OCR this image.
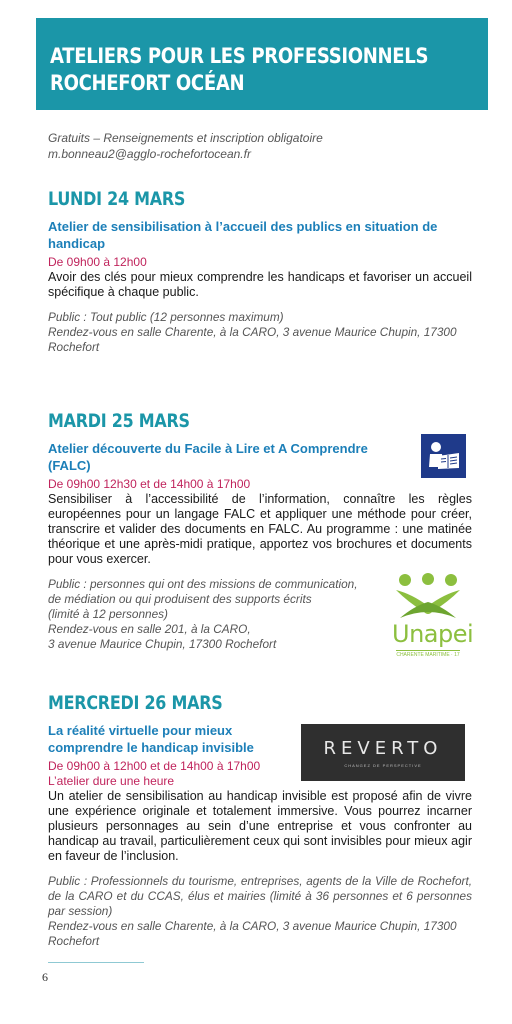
ATELIERS POUR LES PROFESSIONNELS
ROCHEFORT OCÉAN
Gratuits – Renseignements et inscription obligatoire
m.bonneau2@agglo-rochefortocean.fr
LUNDI 24 MARS
Atelier de sensibilisation à l’accueil des publics en situation de handicap
De 09h00 à 12h00
Avoir des clés pour mieux comprendre les handicaps et favoriser un accueil spécifique à chaque public.
Public : Tout public (12 personnes maximum)
Rendez-vous en salle Charente, à la CARO, 3 avenue Maurice Chupin, 17300 Rochefort
MARDI 25 MARS
Atelier découverte du Facile à Lire et A Comprendre (FALC)
De 09h00 12h30 et de 14h00 à 17h00
Sensibiliser à l’accessibilité de l’information, connaître les règles européennes pour un langage FALC et appliquer une méthode pour créer, transcrire et valider des documents en FALC. Au programme : une matinée théorique et une après-midi pratique, apportez vos brochures et documents pour vous exercer.
Public : personnes qui ont des missions de communication,
de médiation ou qui produisent des supports écrits
(limité à 12 personnes)
Rendez-vous en salle 201, à la CARO,
3 avenue Maurice Chupin, 17300 Rochefort	Unapei
CHARENTE MARITIME · 17
MERCREDI 26 MARS
La réalité virtuelle pour mieux comprendre le handicap invisible
De 09h00 à 12h00 et de 14h00 à 17h00
L’atelier dure une heure
Un atelier de sensibilisation au handicap invisible est proposé afin de vivre une expérience originale et totalement immersive. Vous pourrez incarner plusieurs personnages au sein d’une entreprise et vous confronter au handicap au travail, particulièrement ceux qui sont invisibles pour mieux agir en faveur de l’inclusion.
Public : Professionnels du tourisme, entreprises, agents de la Ville de Rochefort, de la CARO et du CCAS, élus et mairies (limité à 36 personnes et 6 personnes par session)
Rendez-vous en salle Charente, à la CARO, 3 avenue Maurice Chupin, 17300 Rochefort
REVERTO
CHANGEZ DE PERSPECTIVE
6
